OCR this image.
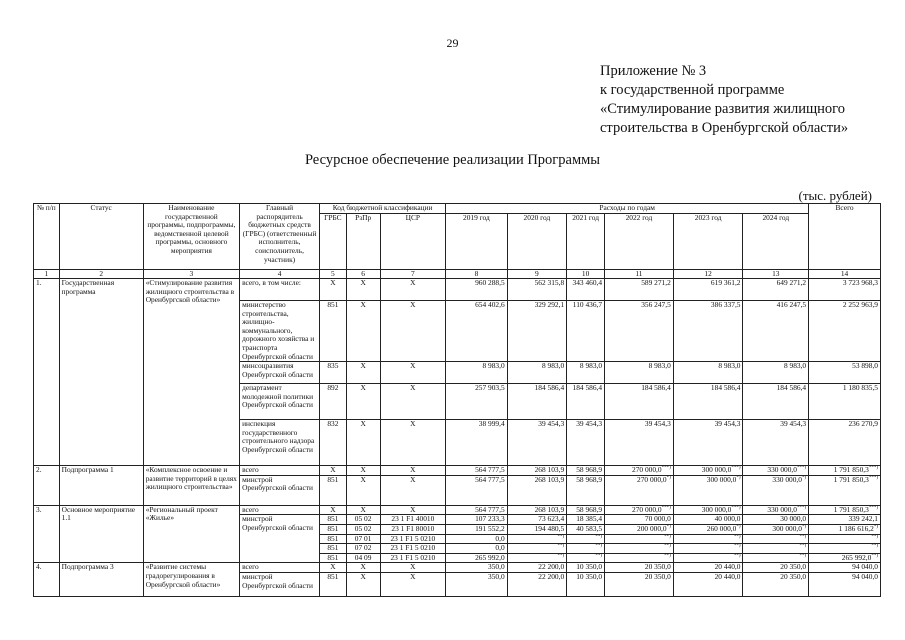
29
Приложение № 3
к государственной программе
«Стимулирование развития жилищного
строительства в Оренбургской области»
Ресурсное обеспечение реализации Программы
(тыс. рублей)
№ п/п	Статус	Наименование государственной программы, подпрограммы, ведомственной целевой программы, основного мероприятия	Главный распорядитель бюджетных средств (ГРБС) (ответственный исполнитель, соисполнитель, участник)	Код бюджетной классификации			Расходы по годам						Всего
				ГРБС	РзПр	ЦСР	2019 год	2020 год	2021 год	2022 год	2023 год	2024 год	
1	2	3	4	5	6	7	8	9	10	11	12	13	14
1.	Государственная программа	«Стимулирование развития жилищного строительства в Оренбургской области»	всего, в том числе:	X	X	X	960 288,5	562 315,8	343 460,4	589 271,2	619 361,2	649 271,2	3 723 968,3
			министерство строительства, жилищно-коммунального, дорожного хозяйства и транспорта Оренбургской области	851	X	X	654 402,6	329 292,1	110 436,7	356 247,5	386 337,5	416 247,5	2 252 963,9
			минсоцразвития Оренбургской области	835	X	X	8 983,0	8 983,0	8 983,0	8 983,0	8 983,0	8 983,0	53 898,0
			департамент молодежной политики Оренбургской области	892	X	X	257 903,5	184 586,4	184 586,4	184 586,4	184 586,4	184 586,4	1 180 835,5
			инспекция государственного строительного надзора Оренбургской области	832	X	X	38 999,4	39 454,3	39 454,3	39 454,3	39 454,3	39 454,3	236 270,9
2.	Подпрограмма 1	«Комплексное освоение и развитие территорий в целях жилищного строительства»	всего	X	X	X	564 777,5	268 103,9	58 968,9	270 000,0***)	300 000,0***)	330 000,0***)	1 791 850,3***)
			минстрой Оренбургской области	851	X	X	564 777,5	268 103,9	58 968,9	270 000,0*)	300 000,0*)	330 000,0*)	1 791 850,3***)
3.	Основное мероприятие 1.1	«Региональный проект «Жилье»	всего	X	X	X	564 777,5	268 103,9	58 968,9	270 000,0***)	300 000,0***)	330 000,0***)	1 791 850,3***)
			минстрой Оренбургской области	851	05 02	23 1 F1 40010	107 233,3	73 623,4	18 385,4	70 000,0	40 000,0	30 000,0	339 242,1
				851	05 02	23 1 F1 80010	191 552,2	194 480,5	40 583,5	200 000,0*)	260 000,0*)	300 000,0*)	1 186 616,2*)
				851	07 01	23 1 F1 5 0210	0,0	**)	**)	**)	**)	**)	**)
				851	07 02	23 1 F1 5 0210	0,0	**)	**)	**)	**)	**)	**)
				851	04 09	23 1 F1 5 0210	265 992,0	**)	**)	**)	**)	**)	265 992,0**)
4.	Подпрограмма 3	«Развитие системы градорегулирования в Оренбургской области»	всего	X	X	X	350,0	22 200,0	10 350,0	20 350,0	20 440,0	20 350,0	94 040,0
			минстрой Оренбургской области	851	X	X	350,0	22 200,0	10 350,0	20 350,0	20 440,0	20 350,0	94 040,0
